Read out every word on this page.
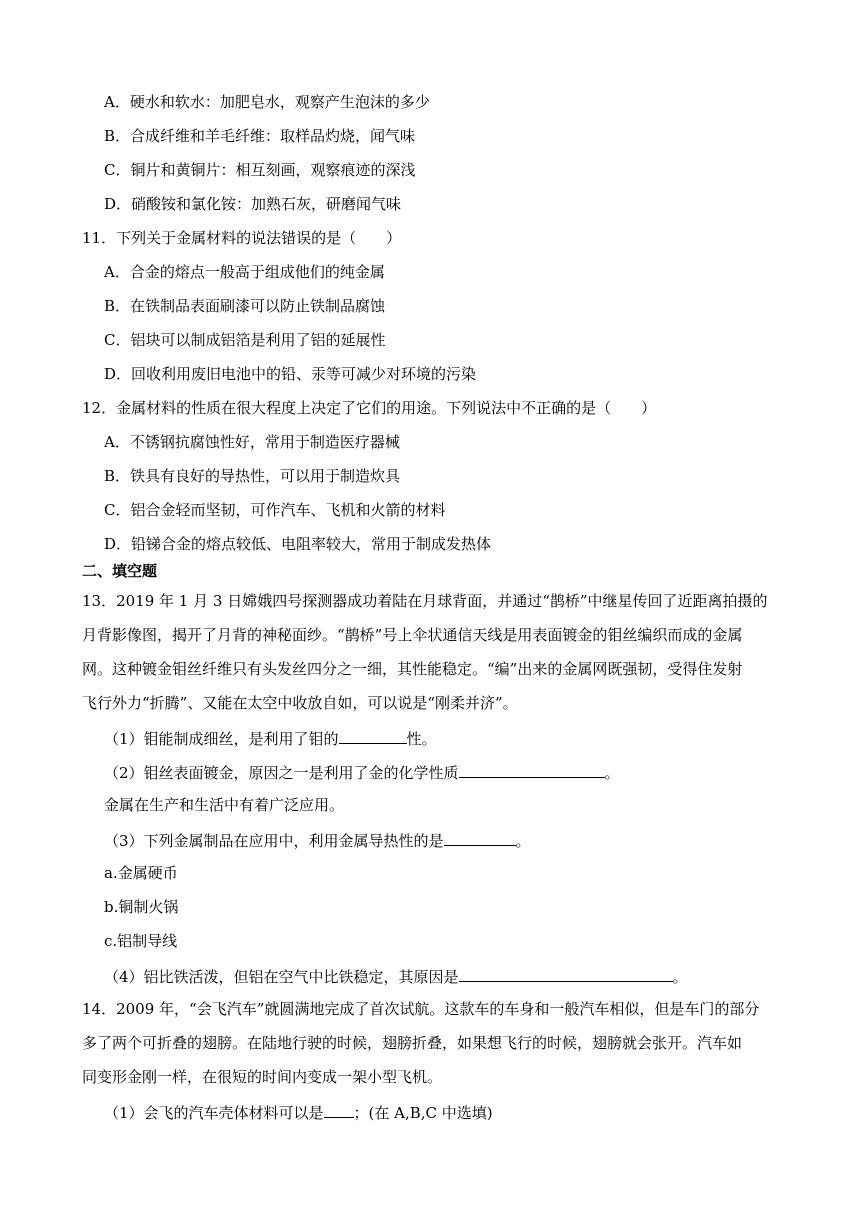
A．硬水和软水：加肥皂水，观察产生泡沫的多少
B．合成纤维和羊毛纤维：取样品灼烧，闻气味
C．铜片和黄铜片：相互刻画，观察痕迹的深浅
D．硝酸铵和氯化铵：加熟石灰，研磨闻气味
11．下列关于金属材料的说法错误的是（　　）
A．合金的熔点一般高于组成他们的纯金属
B．在铁制品表面刷漆可以防止铁制品腐蚀
C．铝块可以制成铝箔是利用了铝的延展性
D．回收利用废旧电池中的铅、汞等可减少对环境的污染
12．金属材料的性质在很大程度上决定了它们的用途。下列说法中不正确的是（　　）
A．不锈钢抗腐蚀性好，常用于制造医疗器械
B．铁具有良好的导热性，可以用于制造炊具
C．铝合金轻而坚韧，可作汽车、飞机和火箭的材料
D．铅锑合金的熔点较低、电阻率较大，常用于制成发热体
二、填空题
13．2019 年 1 月 3 日嫦娥四号探测器成功着陆在月球背面，并通过“鹊桥”中继星传回了近距离拍摄的
月背影像图，揭开了月背的神秘面纱。“鹊桥”号上伞状通信天线是用表面镀金的钼丝编织而成的金属
网。这种镀金钼丝纤维只有头发丝四分之一细，其性能稳定。“编”出来的金属网既强韧，受得住发射
飞行外力“折腾”、又能在太空中收放自如，可以说是“刚柔并济”。
（1）钼能制成细丝，是利用了钼的	性。
（2）钼丝表面镀金，原因之一是利用了金的化学性质	。
金属在生产和生活中有着广泛应用。
（3）下列金属制品在应用中，利用金属导热性的是	。
a.金属硬币
b.铜制火锅
c.铝制导线
（4）铝比铁活泼，但铝在空气中比铁稳定，其原因是	。
14．2009 年，“会飞汽车”就圆满地完成了首次试航。这款车的车身和一般汽车相似，但是车门的部分
多了两个可折叠的翅膀。在陆地行驶的时候，翅膀折叠，如果想飞行的时候，翅膀就会张开。汽车如
同变形金刚一样，在很短的时间内变成一架小型飞机。
（1）会飞的汽车壳体材料可以是 ；(在 A,B,C 中选填)
